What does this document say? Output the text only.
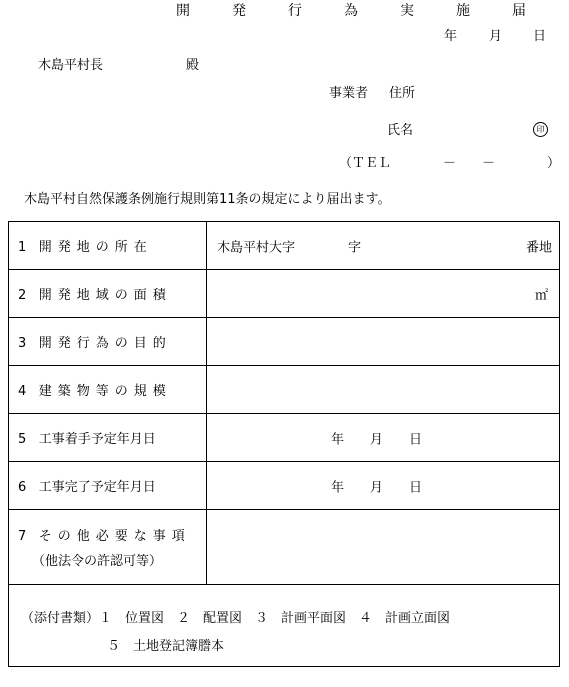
開　発　行　為　実　施　届
年 月 日
木島平村長	殿
事業者 住所
氏名	印
（ＴＥＬ　　　　－　　－　　　　）
木島平村自然保護条例施行規則第11条の規定により届出ます。
1 開発地の所在	木島平村大字 字 番地

2 開発地域の面積	㎡

3 開発行為の目的	
4 建築物等の規模	
5 工事着手予定年月日	年　　月　　日

6 工事完了予定年月日	年　　月　　日

7 その他必要な事項
（他法令の許認可等）	

（添付書類）１　位置図　２　配置図　３　計画平面図　４　計画立面図
５　土地登記簿謄本	
